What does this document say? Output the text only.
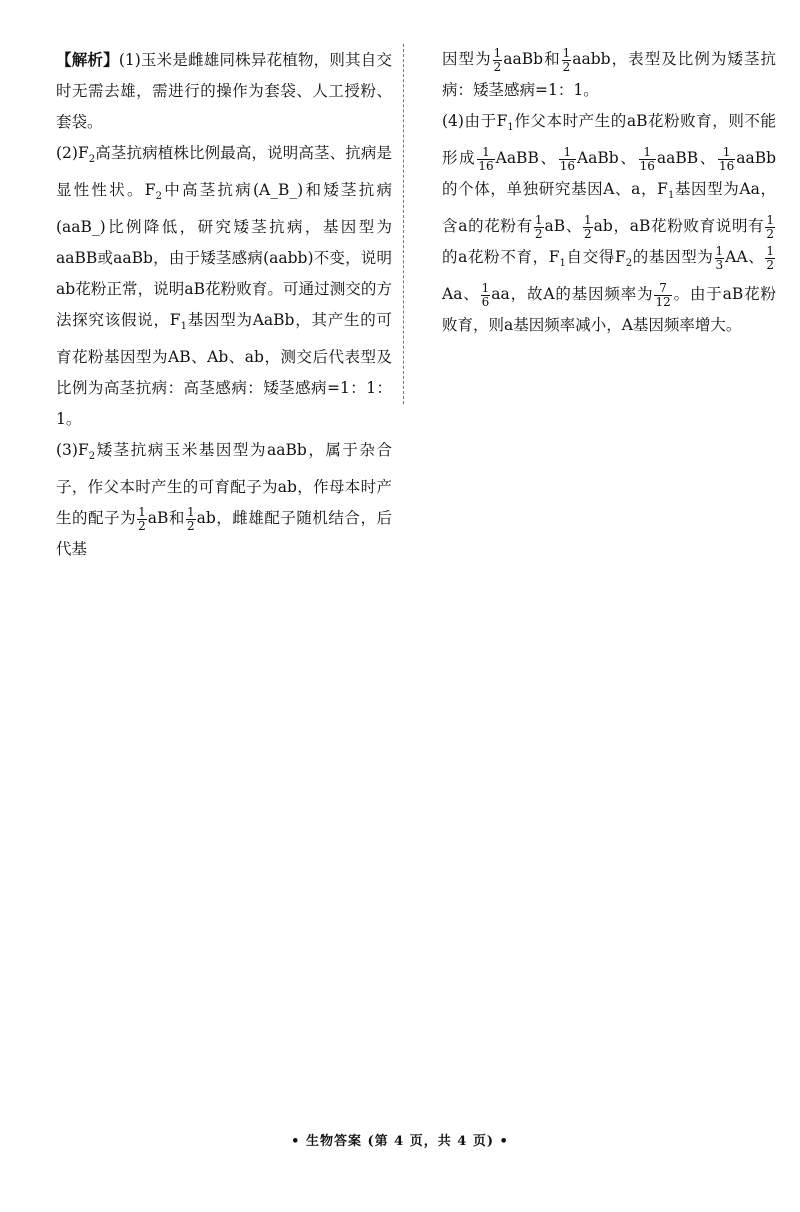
【解析】(1)玉米是雌雄同株异花植物，则其自交时无需去雄，需进行的操作为套袋、人工授粉、套袋。

$(2)F_2$高茎抗病植株比例最高，说明高茎、抗病是显性性状。$F_2$中高茎抗病(A_B_)和矮茎抗病(aaB_)比例降低，研究矮茎抗病，基因型为aaBB或aaBb，由于矮茎感病(aabb)不变，说明ab花粉正常，说明aB花粉败育。可通过测交的方法探究该假说，$F_1$基因型为AaBb，其产生的可育花粉基因型为AB、Ab、ab，测交后代表型及比例为高茎抗病：高茎感病：矮茎感病=1：1：1。

$(3)F_2$矮茎抗病玉米基因型为aaBb，属于杂合子，作父本时产生的可育配子为ab，作母本时产生的配子为 $\frac{1}{2}$ aB和 $\frac{1}{2}$ ab，雌雄配子随机结合，后代基

因型为 $\frac{1}{2}$ aaBb和 $\frac{1}{2}$ aabb，表型及比例为矮茎抗病：矮茎感病=1：1。

(4)由于$F_1$作父本时产生的aB花粉败育，则不能形成 $\frac{1}{16}$ AaBB、 $\frac{1}{16}$ AaBb、 $\frac{1}{16}$ aaBB、 $\frac{1}{16}$ aaBb的个体，单独研究基因A、a，$F_1$基因型为Aa，含a的花粉有 $\frac{1}{2}$ aB、 $\frac{1}{2}$ ab，aB花粉败育说明有 $\frac{1}{2}$
的a花粉不育，$F_1$自交得$F_2$的基因型为 $\frac{1}{3}$ AA、 $\frac{1}{2}$
Aa、 $\frac{1}{6}$ aa，故A的基因频率为 $\frac{7}{12}$ 。由于aB花粉败育，则a基因频率减小，A基因频率增大。

• 生物答案 (第 4 页，共 4 页) •
